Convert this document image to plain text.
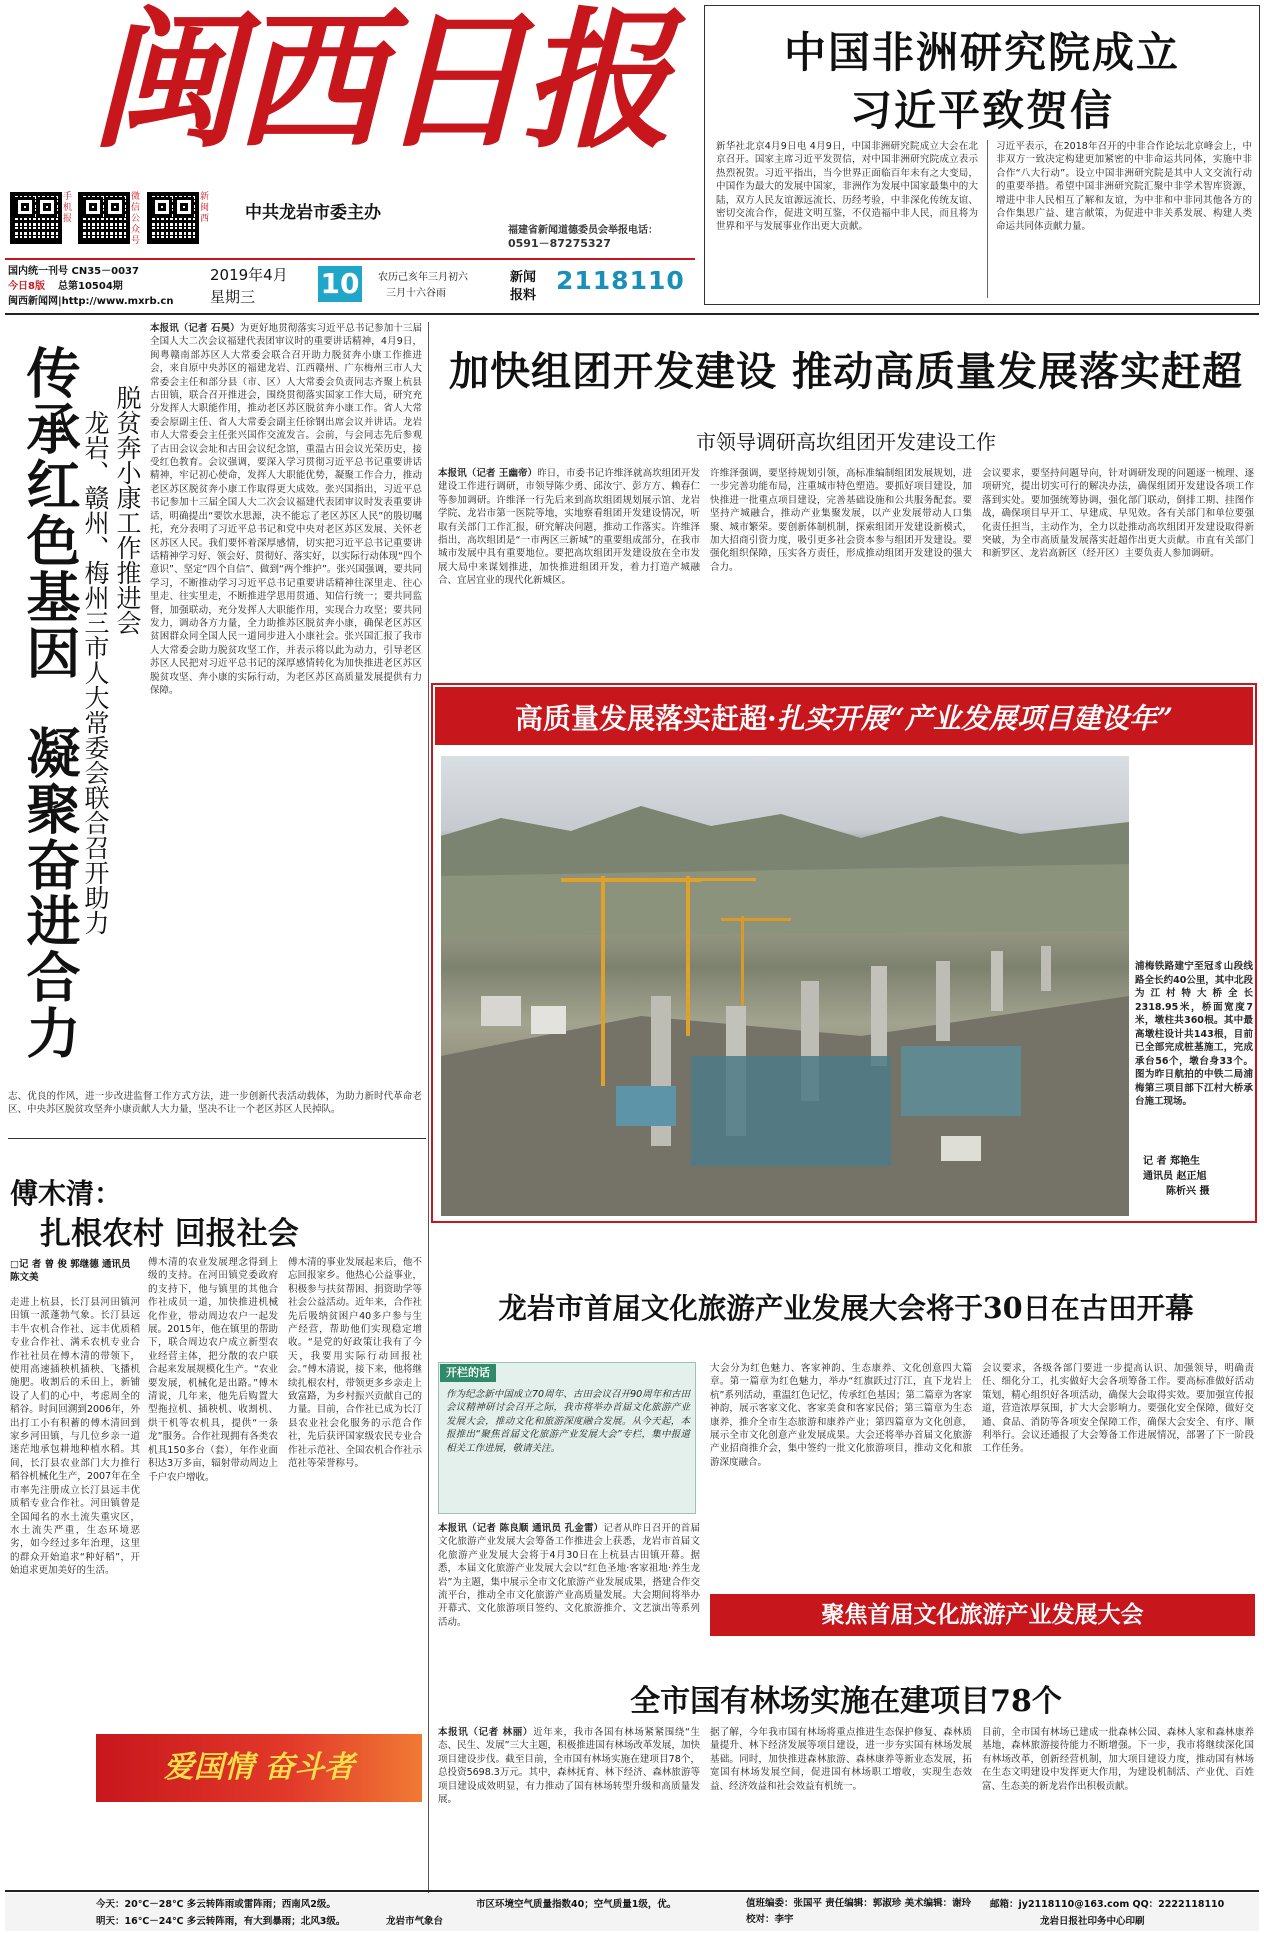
闽西日报
手机报
微信公众号
新闽西 中共龙岩市委主办
福建省新闻道德委员会举报电话：
0591－87275327
国内统一刊号 CN35－0037
今日8版 总第10504期
闽西新闻网|http://www.mxrb.cn
2019年4月
星期三 10 农历己亥年三月初六
三月十六谷雨
新闻
报料
2118110
中国非洲研究院成立
习近平致贺信
新华社北京4月9日电 4月9日，中国非洲研究院成立大会在北京召开。国家主席习近平发贺信，对中国非洲研究院成立表示热烈祝贺。习近平指出，当今世界正面临百年未有之大变局，中国作为最大的发展中国家，非洲作为发展中国家最集中的大陆，双方人民友谊源远流长、历经考验，中非深化传统友谊、密切交流合作，促进文明互鉴，不仅造福中非人民，而且将为世界和平与发展事业作出更大贡献。
习近平表示，在2018年召开的中非合作论坛北京峰会上，中非双方一致决定构建更加紧密的中非命运共同体，实施中非合作“八大行动”。设立中国非洲研究院是其中人文交流行动的重要举措。希望中国非洲研究院汇聚中非学术智库资源，增进中非人民相互了解和友谊，为中非和中非同其他各方的合作集思广益、建言献策，为促进中非关系发展、构建人类命运共同体贡献力量。
传承红色基因
凝聚奋进合力
脱贫奔小康工作推进会
龙岩、赣州、梅州三市人大常委会联合召开助力
本报讯（记者 石昊）为更好地贯彻落实习近平总书记参加十三届全国人大二次会议福建代表团审议时的重要讲话精神，4月9日，闽粤赣南部苏区人大常委会联合召开助力脱贫奔小康工作推进会，来自原中央苏区的福建龙岩、江西赣州、广东梅州三市人大常委会主任和部分县（市、区）人大常委会负责同志齐聚上杭县古田镇，联合召开推进会，围绕贯彻落实国家工作大局，研究充分发挥人大职能作用，推动老区苏区脱贫奔小康工作。省人大常委会原副主任、省人大常委会副主任徐钢出席会议并讲话。龙岩市人大常委会主任张兴国作交流发言。会前，与会同志先后参观了古田会议会址和古田会议纪念馆，重温古田会议光荣历史，接受红色教育。会议强调，要深入学习贯彻习近平总书记重要讲话精神，牢记初心使命，发挥人大职能优势，凝聚工作合力，推动老区苏区脱贫奔小康工作取得更大成效。张兴国指出，习近平总书记参加十三届全国人大二次会议福建代表团审议时发表重要讲话，明确提出“要饮水思源，决不能忘了老区苏区人民”的殷切嘱托，充分表明了习近平总书记和党中央对老区苏区发展、关怀老区苏区人民。我们要怀着深厚感情，切实把习近平总书记重要讲话精神学习好、领会好、贯彻好、落实好，以实际行动体现“四个意识”、坚定“四个自信”、做到“两个维护”。张兴国强调，要共同学习，不断推动学习习近平总书记重要讲话精神往深里走、往心里走、往实里走，不断推进学思用贯通、知信行统一；要共同监督，加强联动，充分发挥人大职能作用，实现合力攻坚；要共同发力，调动各方力量，全力助推苏区脱贫奔小康，确保老区苏区贫困群众同全国人民一道同步进入小康社会。张兴国汇报了我市人大常委会助力脱贫攻坚工作，并表示将以此为动力，引导老区苏区人民把对习近平总书记的深厚感情转化为加快推进老区苏区脱贫攻坚、奔小康的实际行动，为老区苏区高质量发展提供有力保障。
志、优良的作风，进一步改进监督工作方式方法，进一步创新代表活动载体，为助力新时代革命老区、中央苏区脱贫攻坚奔小康贡献人大力量，坚决不让一个老区苏区人民掉队。
加快组团开发建设 推动高质量发展落实赶超
市领导调研高坎组团开发建设工作
本报讯（记者 王幽帝）昨日，市委书记许维泽就高坎组团开发建设工作进行调研，市领导陈少勇、邱汝宁、彭方方、赖春仁等参加调研。许维泽一行先后来到高坎组团规划展示馆、龙岩学院、龙岩市第一医院等地，实地察看组团开发建设情况，听取有关部门工作汇报，研究解决问题，推动工作落实。许维泽指出，高坎组团是“一市两区三新城”的重要组成部分，在我市城市发展中具有重要地位。要把高坎组团开发建设放在全市发展大局中来谋划推进，加快推进组团开发，着力打造产城融合、宜居宜业的现代化新城区。
许维泽强调，要坚持规划引领，高标准编制组团发展规划，进一步完善功能布局，注重城市特色塑造。要抓好项目建设，加快推进一批重点项目建设，完善基础设施和公共服务配套。要坚持产城融合，推动产业集聚发展，以产业发展带动人口集聚、城市繁荣。要创新体制机制，探索组团开发建设新模式，加大招商引资力度，吸引更多社会资本参与组团开发建设。要强化组织保障，压实各方责任，形成推动组团开发建设的强大合力。
会议要求，要坚持问题导向，针对调研发现的问题逐一梳理、逐项研究，提出切实可行的解决办法，确保组团开发建设各项工作落到实处。要加强统筹协调，强化部门联动，倒排工期、挂图作战，确保项目早开工、早建成、早见效。各有关部门和单位要强化责任担当，主动作为，全力以赴推动高坎组团开发建设取得新突破，为全市高质量发展落实赶超作出更大贡献。市直有关部门和新罗区、龙岩高新区（经开区）主要负责人参加调研。
高质量发展落实赶超·扎实开展“产业发展项目建设年”
浦梅铁路建宁至冠豸山段线路全长约40公里，其中北段为江村特大桥全长2318.95米，桥面宽度7米，墩柱共360根。其中最高墩柱设计共143根，目前已全部完成桩基施工，完成承台56个，墩台身33个。图为昨日航拍的中铁二局浦梅第三项目部下江村大桥承台施工现场。
记 者 郑艳生
通讯员 赵正旭
陈析兴 摄
傅木清：
扎根农村 回报社会
□记 者 曾 俊 郭继德 通讯员 陈文美
走进上杭县，长汀县河田镇河田镇一派蓬勃气象。长汀县远丰牛农机合作社、远丰优质稻专业合作社、满禾农机专业合作社社员在傅木清的带领下，使用高速插秧机插秧、飞播机施肥。收割后的禾田上，新铺设了人们的心中，考虑周全的稻谷。时间回溯到2006年，外出打工小有积蓄的傅木清回到家乡河田镇，与几位乡亲一道迷茫地承包耕地种植水稻。其间，长汀县农业部门大力推行稻谷机械化生产，2007年在全市率先注册成立长汀县远丰优质稻专业合作社。河田镇曾是全国闻名的水土流失重灾区，水土流失严重，生态环境恶劣，如今经过多年治理，这里的群众开始追求“种好稻”，开始追求更加美好的生活。
傅木清的农业发展理念得到上级的支持。在河田镇党委政府的支持下，他与镇里的其他合作社成员一道，加快推进机械化作业，带动周边农户一起发展。2015年，他在镇里的帮助下，联合周边农户成立新型农业经营主体，把分散的农户联合起来发展规模化生产。“农业要发展，机械化是出路。”傅木清说，几年来，他先后购置大型拖拉机、插秧机、收割机、烘干机等农机具，提供“一条龙”服务。合作社现拥有各类农机具150多台（套），年作业面积达3万多亩，辐射带动周边上千户农户增收。
傅木清的事业发展起来后，他不忘回报家乡。他热心公益事业，积极参与扶贫帮困、捐资助学等社会公益活动。近年来，合作社先后吸纳贫困户40多户参与生产经营，帮助他们实现稳定增收。“是党的好政策让我有了今天，我要用实际行动回报社会。”傅木清说，接下来，他将继续扎根农村，带领更多乡亲走上致富路，为乡村振兴贡献自己的力量。目前，合作社已成为长汀县农业社会化服务的示范合作社，先后获评国家级农民专业合作社示范社、全国农机合作社示范社等荣誉称号。
爱国情 奋斗者
龙岩市首届文化旅游产业发展大会将于30日在古田开幕
开栏的话
作为纪念新中国成立70周年、古田会议召开90周年和古田会议精神研讨会召开之际，我市将举办首届文化旅游产业发展大会，推动文化和旅游深度融合发展。从今天起，本报推出“聚焦首届文化旅游产业发展大会”专栏，集中报道相关工作进展，敬请关注。
本报讯（记者 陈良顺 通讯员 孔金雷）记者从昨日召开的首届文化旅游产业发展大会筹备工作推进会上获悉，龙岩市首届文化旅游产业发展大会将于4月30日在上杭县古田镇开幕。据悉，本届文化旅游产业发展大会以“红色圣地·客家祖地·养生龙岩”为主题，集中展示全市文化旅游产业发展成果，搭建合作交流平台，推动全市文化旅游产业高质量发展。大会期间将举办开幕式、文化旅游项目签约、文化旅游推介、文艺演出等系列活动。
大会分为红色魅力、客家神韵、生态康养、文化创意四大篇章。第一篇章为红色魅力，举办“红旗跃过汀江，直下龙岩上杭”系列活动，重温红色记忆，传承红色基因；第二篇章为客家神韵，展示客家文化、客家美食和客家民俗；第三篇章为生态康养，推介全市生态旅游和康养产业；第四篇章为文化创意，展示全市文化创意产业发展成果。大会还将举办首届文化旅游产业招商推介会，集中签约一批文化旅游项目，推动文化和旅游深度融合。
会议要求，各级各部门要进一步提高认识、加强领导，明确责任、细化分工，扎实做好大会各项筹备工作。要高标准做好活动策划，精心组织好各项活动，确保大会取得实效。要加强宣传报道，营造浓厚氛围，扩大大会影响力。要强化安全保障，做好交通、食品、消防等各项安全保障工作，确保大会安全、有序、顺利举行。会议还通报了大会筹备工作进展情况，部署了下一阶段工作任务。
聚焦首届文化旅游产业发展大会
全市国有林场实施在建项目78个
本报讯（记者 林丽）近年来，我市各国有林场紧紧围绕“生态、民生、发展”三大主题，积极推进国有林场改革发展，加快项目建设步伐。截至目前，全市国有林场实施在建项目78个，总投资5698.3万元。其中，森林抚育、林下经济、森林旅游等项目建设成效明显，有力推动了国有林场转型升级和高质量发展。
据了解，今年我市国有林场将重点推进生态保护修复、森林质量提升、林下经济发展等项目建设，进一步夯实国有林场发展基础。同时，加快推进森林旅游、森林康养等新业态发展，拓宽国有林场发展空间，促进国有林场职工增收，实现生态效益、经济效益和社会效益有机统一。
目前，全市国有林场已建成一批森林公园、森林人家和森林康养基地，森林旅游接待能力不断增强。下一步，我市将继续深化国有林场改革，创新经营机制，加大项目建设力度，推动国有林场在生态文明建设中发挥更大作用，为建设机制活、产业优、百姓富、生态美的新龙岩作出积极贡献。
今天：20℃－28℃ 多云转阵雨或雷阵雨；西南风2级。
明天：16℃－24℃ 多云转阵雨，有大到暴雨；北风3级。	龙岩市气象台
市区环境空气质量指数40；空气质量1级，优。	值班编委：张国平 责任编辑：郭淑珍 美术编辑：谢玲 校对：李宇
邮箱：jy2118110@163.com QQ：2222118110
龙岩日报社印务中心印刷
